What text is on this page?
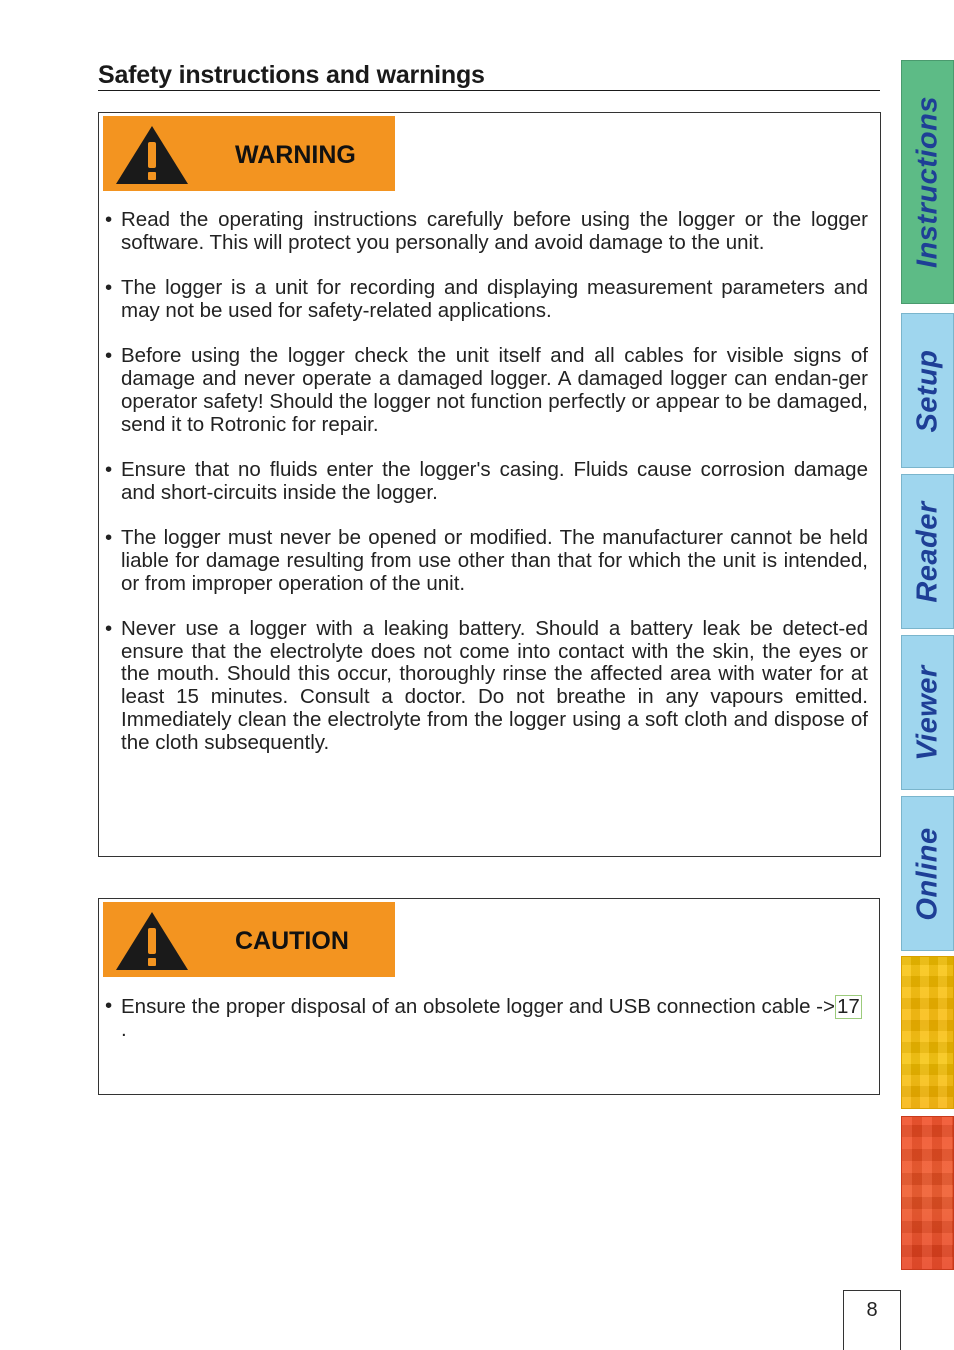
Safety instructions and warnings
WARNING
• Read the operating instructions carefully before using the logger or the logger software. This will protect you personally and avoid damage to the unit.
• The logger is a unit for recording and displaying measurement parameters and may not be used for safety-related applications.
• Before using the logger check the unit itself and all cables for visible signs of damage and never operate a damaged logger. A damaged logger can endan-ger operator safety! Should the logger not function perfectly or appear to be damaged, send it to Rotronic for repair.
• Ensure that no fluids enter the logger's casing. Fluids cause corrosion damage and short-circuits inside the logger.
• The logger must never be opened or modified. The manufacturer cannot be held liable for damage resulting from use other than that for which the unit is intended, or from improper operation of the unit.
• Never use a logger with a leaking battery. Should a battery leak be detect-ed ensure that the electrolyte does not come into contact with the skin, the eyes or the mouth. Should this occur, thoroughly rinse the affected area with water for at least 15 minutes. Consult a doctor. Do not breathe in any vapours emitted. Immediately clean the electrolyte from the logger using a soft cloth and dispose of the cloth subsequently.
CAUTION
• Ensure the proper disposal of an obsolete logger and USB connection cable ->17.
Instructions
Setup
Reader
Viewer
Online
8
